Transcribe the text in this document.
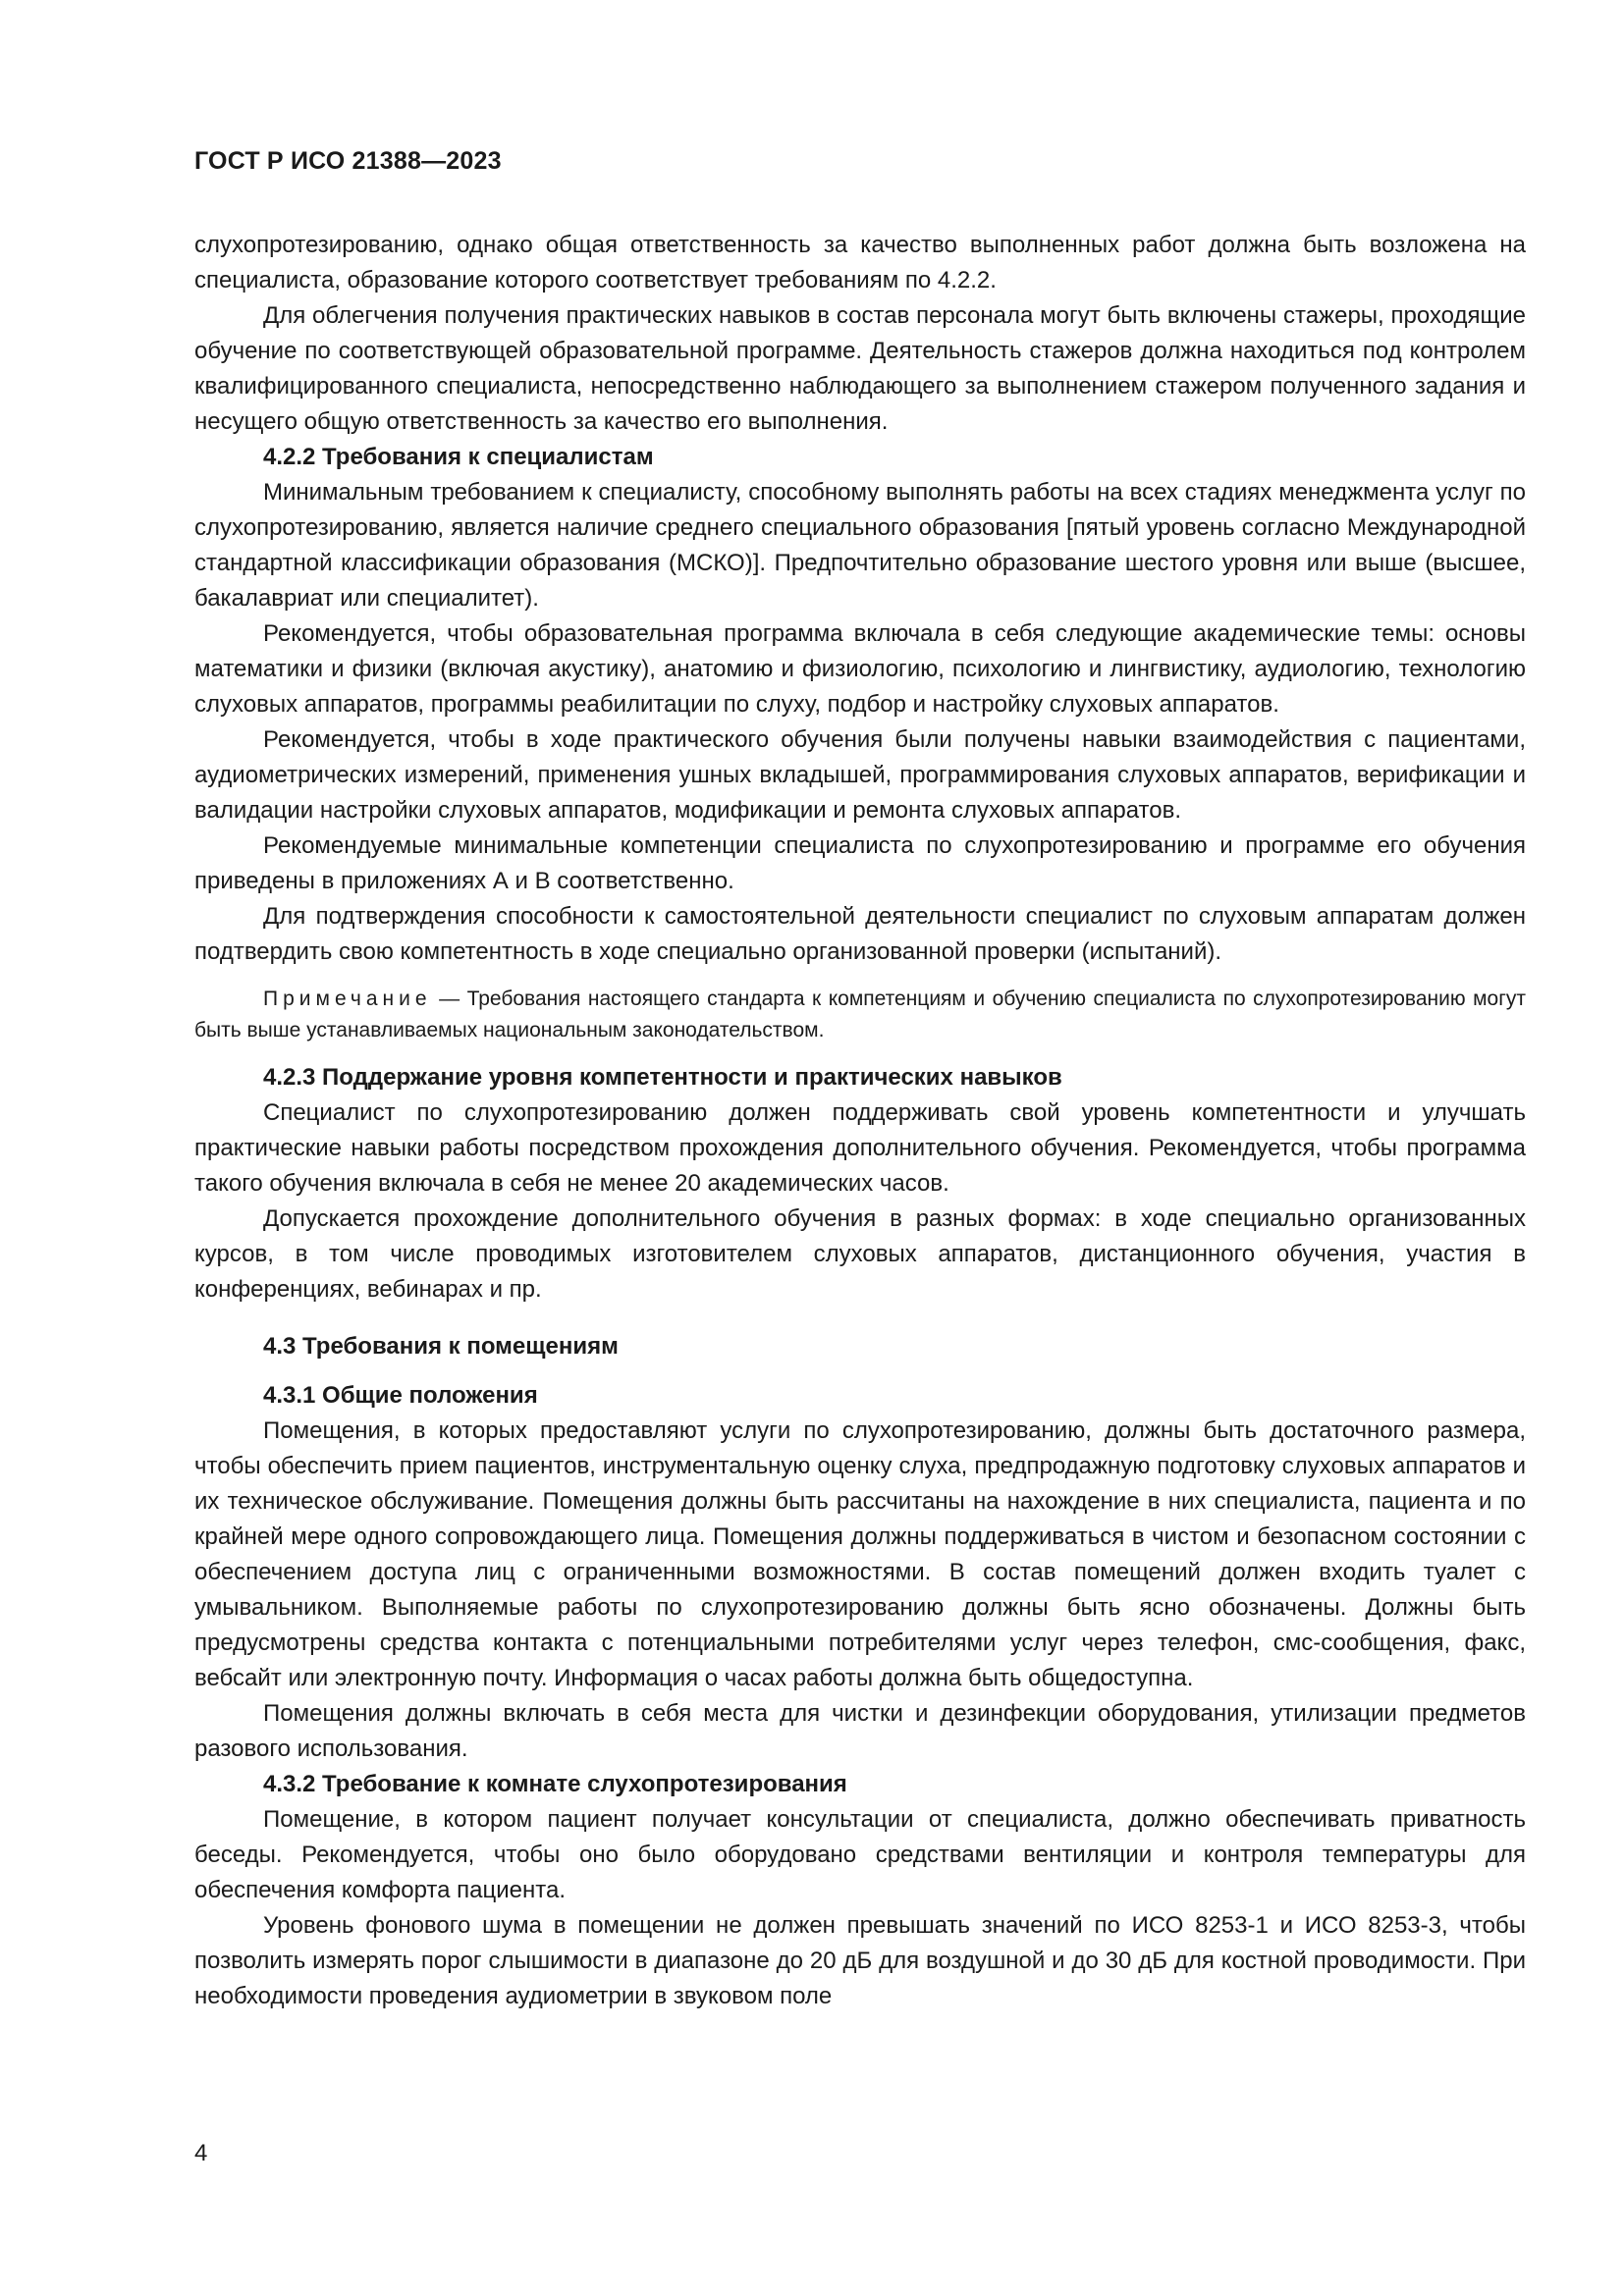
ГОСТ Р ИСО 21388—2023

слухопротезированию, однако общая ответственность за качество выполненных работ должна быть возложена на специалиста, образование которого соответствует требованиям по 4.2.2.

Для облегчения получения практических навыков в состав персонала могут быть включены стажеры, проходящие обучение по соответствующей образовательной программе. Деятельность стажеров должна находиться под контролем квалифицированного специалиста, непосредственно наблюдающего за выполнением стажером полученного задания и несущего общую ответственность за качество его выполнения.

4.2.2 Требования к специалистам

Минимальным требованием к специалисту, способному выполнять работы на всех стадиях менеджмента услуг по слухопротезированию, является наличие среднего специального образования [пятый уровень согласно Международной стандартной классификации образования (МСКО)]. Предпочтительно образование шестого уровня или выше (высшее, бакалавриат или специалитет).

Рекомендуется, чтобы образовательная программа включала в себя следующие академические темы: основы математики и физики (включая акустику), анатомию и физиологию, психологию и лингвистику, аудиологию, технологию слуховых аппаратов, программы реабилитации по слуху, подбор и настройку слуховых аппаратов.

Рекомендуется, чтобы в ходе практического обучения были получены навыки взаимодействия с пациентами, аудиометрических измерений, применения ушных вкладышей, программирования слуховых аппаратов, верификации и валидации настройки слуховых аппаратов, модификации и ремонта слуховых аппаратов.

Рекомендуемые минимальные компетенции специалиста по слухопротезированию и программе его обучения приведены в приложениях А и В соответственно.

Для подтверждения способности к самостоятельной деятельности специалист по слуховым аппаратам должен подтвердить свою компетентность в ходе специально организованной проверки (испытаний).

Примечание — Требования настоящего стандарта к компетенциям и обучению специалиста по слухопротезированию могут быть выше устанавливаемых национальным законодательством.

4.2.3 Поддержание уровня компетентности и практических навыков

Специалист по слухопротезированию должен поддерживать свой уровень компетентности и улучшать практические навыки работы посредством прохождения дополнительного обучения. Рекомендуется, чтобы программа такого обучения включала в себя не менее 20 академических часов.

Допускается прохождение дополнительного обучения в разных формах: в ходе специально организованных курсов, в том числе проводимых изготовителем слуховых аппаратов, дистанционного обучения, участия в конференциях, вебинарах и пр.

4.3 Требования к помещениям
4.3.1 Общие положения

Помещения, в которых предоставляют услуги по слухопротезированию, должны быть достаточного размера, чтобы обеспечить прием пациентов, инструментальную оценку слуха, предпродажную подготовку слуховых аппаратов и их техническое обслуживание. Помещения должны быть рассчитаны на нахождение в них специалиста, пациента и по крайней мере одного сопровождающего лица. Помещения должны поддерживаться в чистом и безопасном состоянии с обеспечением доступа лиц с ограниченными возможностями. В состав помещений должен входить туалет с умывальником. Выполняемые работы по слухопротезированию должны быть ясно обозначены. Должны быть предусмотрены средства контакта с потенциальными потребителями услуг через телефон, смс-сообщения, факс, вебсайт или электронную почту. Информация о часах работы должна быть общедоступна.

Помещения должны включать в себя места для чистки и дезинфекции оборудования, утилизации предметов разового использования.

4.3.2 Требование к комнате слухопротезирования

Помещение, в котором пациент получает консультации от специалиста, должно обеспечивать приватность беседы. Рекомендуется, чтобы оно было оборудовано средствами вентиляции и контроля температуры для обеспечения комфорта пациента.

Уровень фонового шума в помещении не должен превышать значений по ИСО 8253-1 и ИСО 8253-3, чтобы позволить измерять порог слышимости в диапазоне до 20 дБ для воздушной и до 30 дБ для костной проводимости. При необходимости проведения аудиометрии в звуковом поле

4
